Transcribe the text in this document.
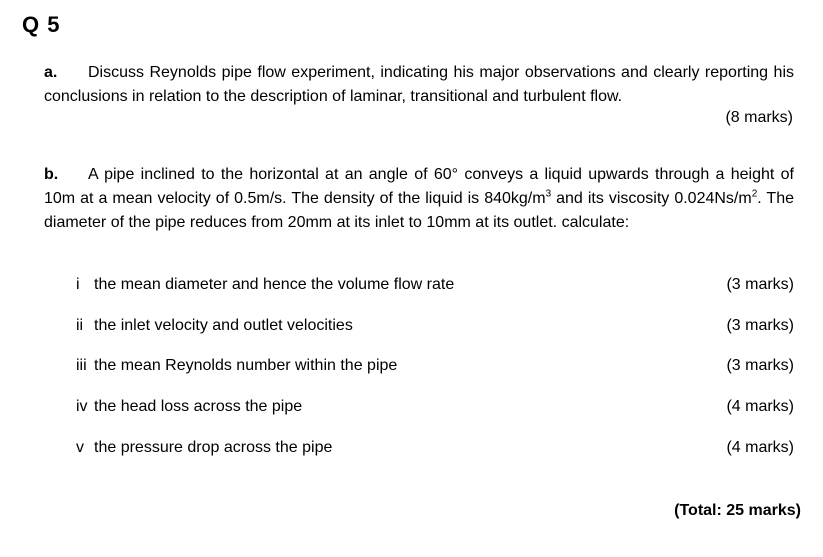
Q 5
a. Discuss Reynolds pipe flow experiment, indicating his major observations and clearly reporting his conclusions in relation to the description of laminar, transitional and turbulent flow.
(8 marks)
b. A pipe inclined to the horizontal at an angle of 60° conveys a liquid upwards through a height of 10m at a mean velocity of 0.5m/s. The density of the liquid is $840kg/m^3$ and its viscosity $0.024Ns/m^2$. The diameter of the pipe reduces from 20mm at its inlet to 10mm at its outlet. calculate:
i the mean diameter and hence the volume flow rate	(3 marks)
ii the inlet velocity and outlet velocities	(3 marks)
iii the mean Reynolds number within the pipe	(3 marks)
iv the head loss across the pipe	(4 marks)
v the pressure drop across the pipe	(4 marks)
(Total: 25 marks)
